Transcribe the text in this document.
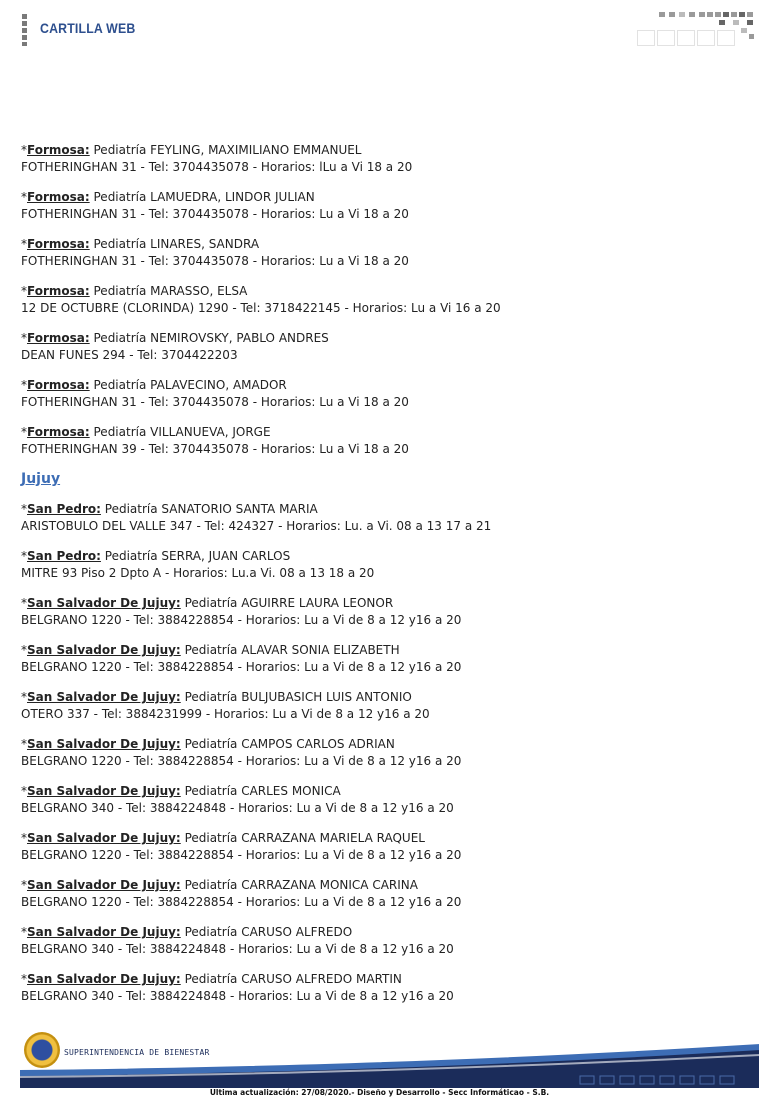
CARTILLA WEB
*Formosa: Pediatría FEYLING, MAXIMILIANO EMMANUEL
FOTHERINGHAN 31 - Tel: 3704435078 - Horarios: lLu a Vi 18 a 20
*Formosa: Pediatría LAMUEDRA, LINDOR JULIAN
FOTHERINGHAN 31 - Tel: 3704435078 - Horarios: Lu a Vi 18 a 20
*Formosa: Pediatría LINARES, SANDRA
FOTHERINGHAN 31 - Tel: 3704435078 - Horarios: Lu a Vi 18 a 20
*Formosa: Pediatría MARASSO, ELSA
12 DE OCTUBRE (CLORINDA) 1290 - Tel: 3718422145 - Horarios: Lu a Vi 16 a 20
*Formosa: Pediatría NEMIROVSKY, PABLO ANDRES
DEAN FUNES 294 - Tel: 3704422203
*Formosa: Pediatría PALAVECINO, AMADOR
FOTHERINGHAN 31 - Tel: 3704435078 - Horarios: Lu a Vi 18 a 20
*Formosa: Pediatría VILLANUEVA, JORGE
FOTHERINGHAN 39 - Tel: 3704435078 - Horarios: Lu a Vi 18 a 20
Jujuy
*San Pedro: Pediatría SANATORIO SANTA MARIA
ARISTOBULO DEL VALLE 347 - Tel: 424327 - Horarios: Lu. a Vi. 08 a 13 17 a 21
*San Pedro: Pediatría SERRA, JUAN CARLOS
MITRE 93 Piso 2 Dpto A - Horarios: Lu.a Vi. 08 a 13 18 a 20
*San Salvador De Jujuy: Pediatría AGUIRRE LAURA LEONOR
BELGRANO 1220 - Tel: 3884228854 - Horarios: Lu a Vi de 8 a 12 y16 a 20
*San Salvador De Jujuy: Pediatría ALAVAR SONIA ELIZABETH
BELGRANO 1220 - Tel: 3884228854 - Horarios: Lu a Vi de 8 a 12 y16 a 20
*San Salvador De Jujuy: Pediatría BULJUBASICH LUIS ANTONIO
OTERO 337 - Tel: 3884231999 - Horarios: Lu a Vi de 8 a 12 y16 a 20
*San Salvador De Jujuy: Pediatría CAMPOS CARLOS ADRIAN
BELGRANO 1220 - Tel: 3884228854 - Horarios: Lu a Vi de 8 a 12 y16 a 20
*San Salvador De Jujuy: Pediatría CARLES MONICA
BELGRANO 340 - Tel: 3884224848 - Horarios: Lu a Vi de 8 a 12 y16 a 20
*San Salvador De Jujuy: Pediatría CARRAZANA MARIELA RAQUEL
BELGRANO 1220 - Tel: 3884228854 - Horarios: Lu a Vi de 8 a 12 y16 a 20
*San Salvador De Jujuy: Pediatría CARRAZANA MONICA CARINA
BELGRANO 1220 - Tel: 3884228854 - Horarios: Lu a Vi de 8 a 12 y16 a 20
*San Salvador De Jujuy: Pediatría CARUSO ALFREDO
BELGRANO 340 - Tel: 3884224848 - Horarios: Lu a Vi de 8 a 12 y16 a 20
*San Salvador De Jujuy: Pediatría CARUSO ALFREDO MARTIN
BELGRANO 340 - Tel: 3884224848 - Horarios: Lu a Vi de 8 a 12 y16 a 20
SUPERINTENDENCIA DE BIENESTAR
Ultima actualización: 27/08/2020.- Diseño y Desarrollo - Secc Informáticao - S.B.
